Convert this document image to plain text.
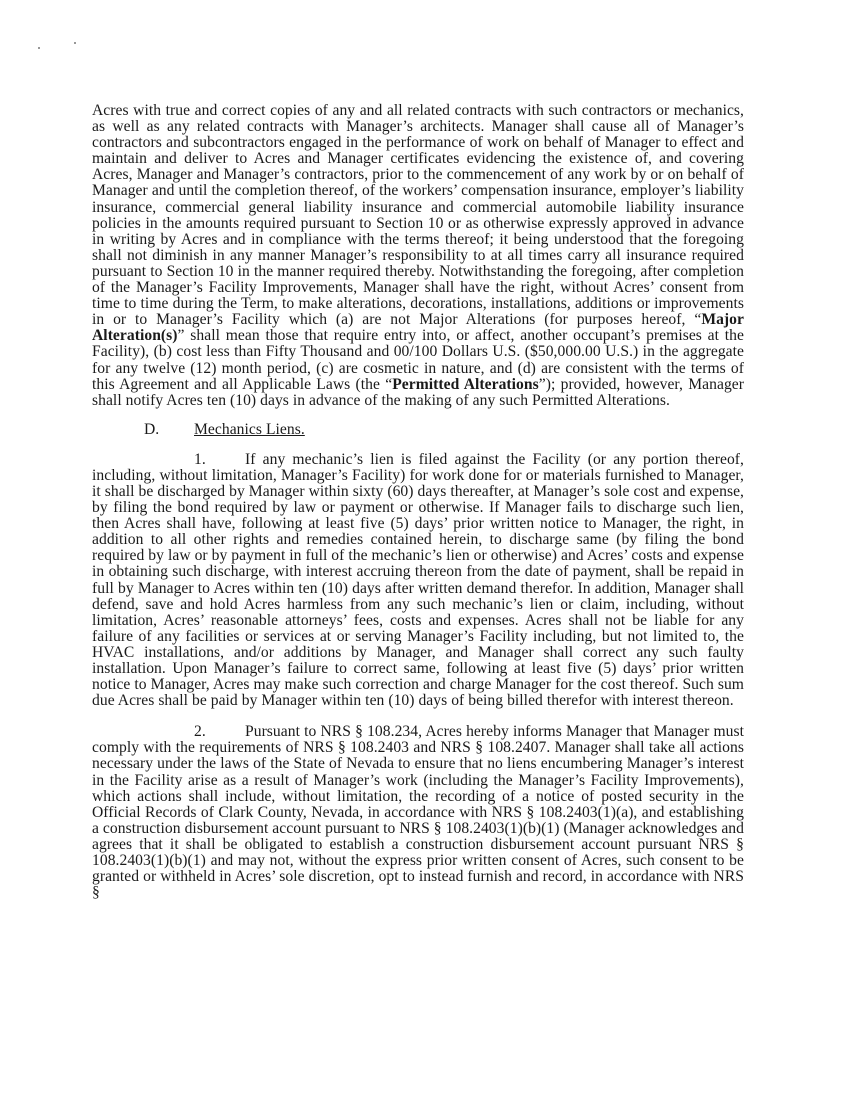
Acres with true and correct copies of any and all related contracts with such contractors or mechanics, as well as any related contracts with Manager’s architects. Manager shall cause all of Manager’s contractors and subcontractors engaged in the performance of work on behalf of Manager to effect and maintain and deliver to Acres and Manager certificates evidencing the existence of, and covering Acres, Manager and Manager’s contractors, prior to the commencement of any work by or on behalf of Manager and until the completion thereof, of the workers’ compensation insurance, employer’s liability insurance, commercial general liability insurance and commercial automobile liability insurance policies in the amounts required pursuant to Section 10 or as otherwise expressly approved in advance in writing by Acres and in compliance with the terms thereof; it being understood that the foregoing shall not diminish in any manner Manager’s responsibility to at all times carry all insurance required pursuant to Section 10 in the manner required thereby. Notwithstanding the foregoing, after completion of the Manager’s Facility Improvements, Manager shall have the right, without Acres’ consent from time to time during the Term, to make alterations, decorations, installations, additions or improvements in or to Manager’s Facility which (a) are not Major Alterations (for purposes hereof, “Major Alteration(s)” shall mean those that require entry into, or affect, another occupant’s premises at the Facility), (b) cost less than Fifty Thousand and 00/100 Dollars U.S. ($50,000.00 U.S.) in the aggregate for any twelve (12) month period, (c) are cosmetic in nature, and (d) are consistent with the terms of this Agreement and all Applicable Laws (the “Permitted Alterations”); provided, however, Manager shall notify Acres ten (10) days in advance of the making of any such Permitted Alterations.

D. Mechanics Liens.

1.	If any mechanic’s lien is filed against the Facility (or any portion thereof, including, without limitation, Manager’s Facility) for work done for or materials furnished to Manager, it shall be discharged by Manager within sixty (60) days thereafter, at Manager’s sole cost and expense, by filing the bond required by law or payment or otherwise. If Manager fails to discharge such lien, then Acres shall have, following at least five (5) days’ prior written notice to Manager, the right, in addition to all other rights and remedies contained herein, to discharge same (by filing the bond required by law or by payment in full of the mechanic’s lien or otherwise) and Acres’ costs and expense in obtaining such discharge, with interest accruing thereon from the date of payment, shall be repaid in full by Manager to Acres within ten (10) days after written demand therefor. In addition, Manager shall defend, save and hold Acres harmless from any such mechanic’s lien or claim, including, without limitation, Acres’ reasonable attorneys’ fees, costs and expenses. Acres shall not be liable for any failure of any facilities or services at or serving Manager’s Facility including, but not limited to, the HVAC installations, and/or additions by Manager, and Manager shall correct any such faulty installation. Upon Manager’s failure to correct same, following at least five (5) days’ prior written notice to Manager, Acres may make such correction and charge Manager for the cost thereof. Such sum due Acres shall be paid by Manager within ten (10) days of being billed therefor with interest thereon.

2.	Pursuant to NRS § 108.234, Acres hereby informs Manager that Manager must comply with the requirements of NRS § 108.2403 and NRS § 108.2407. Manager shall take all actions necessary under the laws of the State of Nevada to ensure that no liens encumbering Manager’s interest in the Facility arise as a result of Manager’s work (including the Manager’s Facility Improvements), which actions shall include, without limitation, the recording of a notice of posted security in the Official Records of Clark County, Nevada, in accordance with NRS § 108.2403(1)(a), and establishing a construction disbursement account pursuant to NRS § 108.2403(1)(b)(1) (Manager acknowledges and agrees that it shall be obligated to establish a construction disbursement account pursuant NRS § 108.2403(1)(b)(1) and may not, without the express prior written consent of Acres, such consent to be granted or withheld in Acres’ sole discretion, opt to instead furnish and record, in accordance with NRS §
